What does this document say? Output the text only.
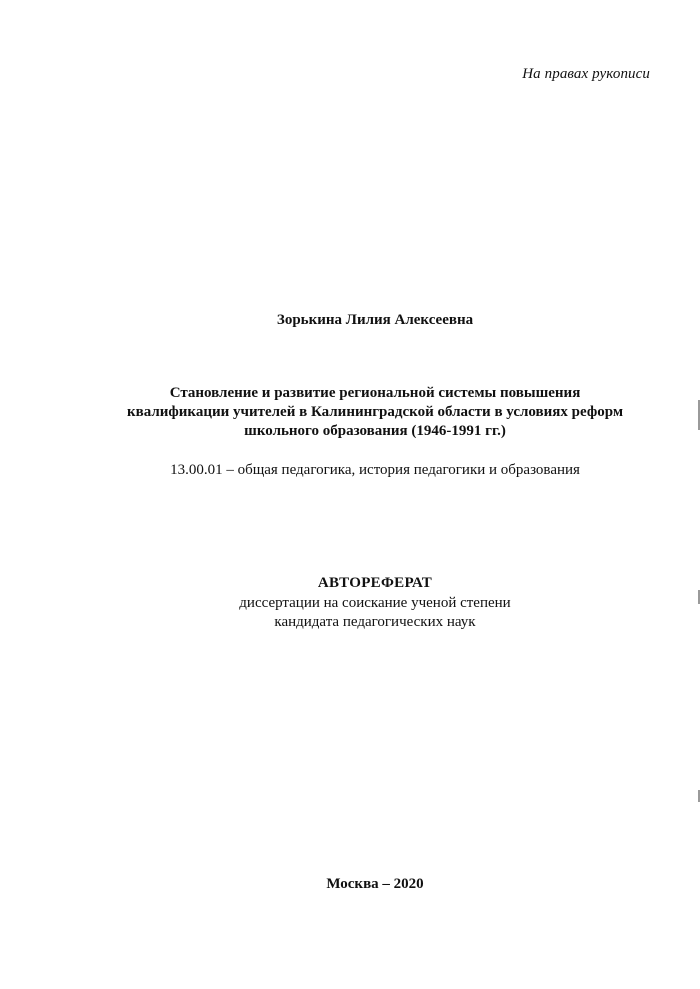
На правах рукописи
Зорькина Лилия Алексеевна
Становление и развитие региональной системы повышения
квалификации учителей в Калининградской области в условиях реформ
школьного образования (1946-1991 гг.)
13.00.01 – общая педагогика, история педагогики и образования
АВТОРЕФЕРАТ
диссертации на соискание ученой степени
кандидата педагогических наук
Москва – 2020
